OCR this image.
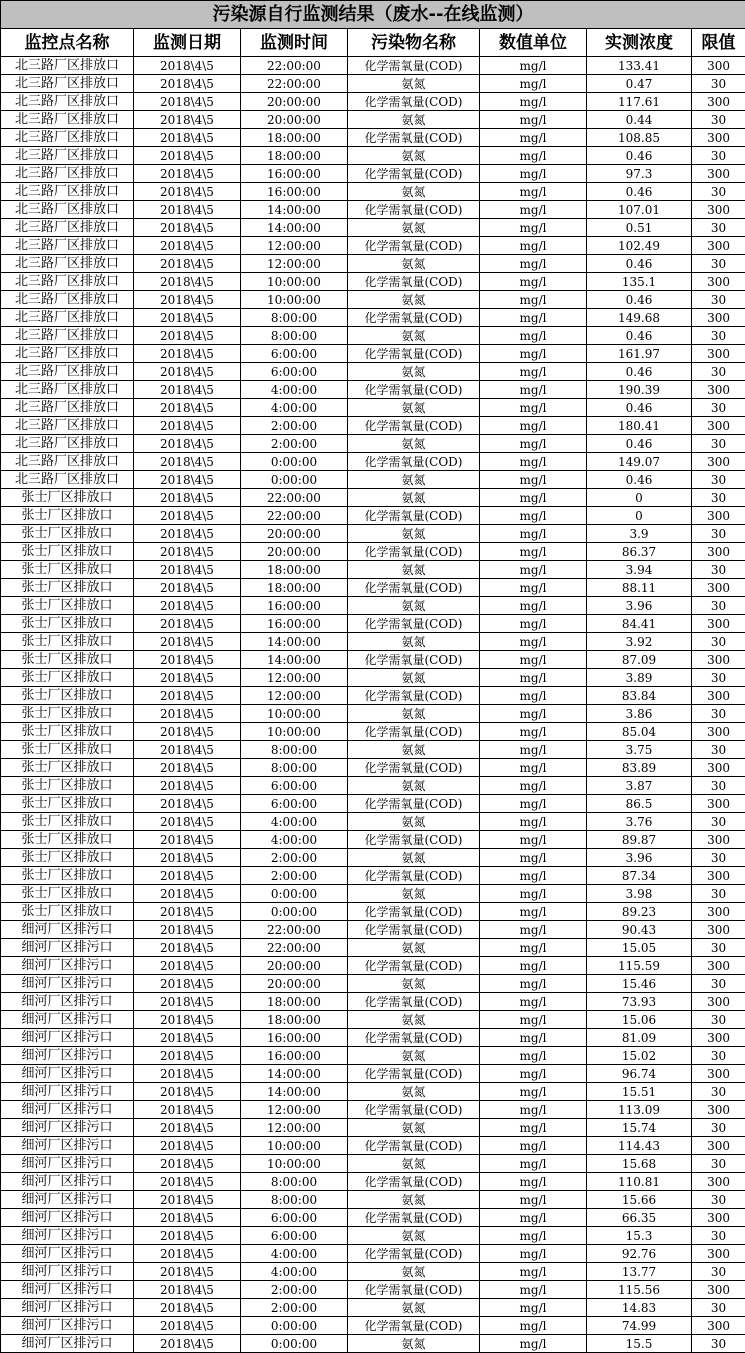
污染源自行监测结果（废水--在线监测）						
监控点名称	监测日期	监测时间	污染物名称	数值单位	实测浓度	限值
北三路厂区排放口	2018\4\5	22:00:00	化学需氧量(COD)	mg/l	133.41	300
北三路厂区排放口	2018\4\5	22:00:00	氨氮	mg/l	0.47	30
北三路厂区排放口	2018\4\5	20:00:00	化学需氧量(COD)	mg/l	117.61	300
北三路厂区排放口	2018\4\5	20:00:00	氨氮	mg/l	0.44	30
北三路厂区排放口	2018\4\5	18:00:00	化学需氧量(COD)	mg/l	108.85	300
北三路厂区排放口	2018\4\5	18:00:00	氨氮	mg/l	0.46	30
北三路厂区排放口	2018\4\5	16:00:00	化学需氧量(COD)	mg/l	97.3	300
北三路厂区排放口	2018\4\5	16:00:00	氨氮	mg/l	0.46	30
北三路厂区排放口	2018\4\5	14:00:00	化学需氧量(COD)	mg/l	107.01	300
北三路厂区排放口	2018\4\5	14:00:00	氨氮	mg/l	0.51	30
北三路厂区排放口	2018\4\5	12:00:00	化学需氧量(COD)	mg/l	102.49	300
北三路厂区排放口	2018\4\5	12:00:00	氨氮	mg/l	0.46	30
北三路厂区排放口	2018\4\5	10:00:00	化学需氧量(COD)	mg/l	135.1	300
北三路厂区排放口	2018\4\5	10:00:00	氨氮	mg/l	0.46	30
北三路厂区排放口	2018\4\5	8:00:00	化学需氧量(COD)	mg/l	149.68	300
北三路厂区排放口	2018\4\5	8:00:00	氨氮	mg/l	0.46	30
北三路厂区排放口	2018\4\5	6:00:00	化学需氧量(COD)	mg/l	161.97	300
北三路厂区排放口	2018\4\5	6:00:00	氨氮	mg/l	0.46	30
北三路厂区排放口	2018\4\5	4:00:00	化学需氧量(COD)	mg/l	190.39	300
北三路厂区排放口	2018\4\5	4:00:00	氨氮	mg/l	0.46	30
北三路厂区排放口	2018\4\5	2:00:00	化学需氧量(COD)	mg/l	180.41	300
北三路厂区排放口	2018\4\5	2:00:00	氨氮	mg/l	0.46	30
北三路厂区排放口	2018\4\5	0:00:00	化学需氧量(COD)	mg/l	149.07	300
北三路厂区排放口	2018\4\5	0:00:00	氨氮	mg/l	0.46	30
张士厂区排放口	2018\4\5	22:00:00	氨氮	mg/l	0	30
张士厂区排放口	2018\4\5	22:00:00	化学需氧量(COD)	mg/l	0	300
张士厂区排放口	2018\4\5	20:00:00	氨氮	mg/l	3.9	30
张士厂区排放口	2018\4\5	20:00:00	化学需氧量(COD)	mg/l	86.37	300
张士厂区排放口	2018\4\5	18:00:00	氨氮	mg/l	3.94	30
张士厂区排放口	2018\4\5	18:00:00	化学需氧量(COD)	mg/l	88.11	300
张士厂区排放口	2018\4\5	16:00:00	氨氮	mg/l	3.96	30
张士厂区排放口	2018\4\5	16:00:00	化学需氧量(COD)	mg/l	84.41	300
张士厂区排放口	2018\4\5	14:00:00	氨氮	mg/l	3.92	30
张士厂区排放口	2018\4\5	14:00:00	化学需氧量(COD)	mg/l	87.09	300
张士厂区排放口	2018\4\5	12:00:00	氨氮	mg/l	3.89	30
张士厂区排放口	2018\4\5	12:00:00	化学需氧量(COD)	mg/l	83.84	300
张士厂区排放口	2018\4\5	10:00:00	氨氮	mg/l	3.86	30
张士厂区排放口	2018\4\5	10:00:00	化学需氧量(COD)	mg/l	85.04	300
张士厂区排放口	2018\4\5	8:00:00	氨氮	mg/l	3.75	30
张士厂区排放口	2018\4\5	8:00:00	化学需氧量(COD)	mg/l	83.89	300
张士厂区排放口	2018\4\5	6:00:00	氨氮	mg/l	3.87	30
张士厂区排放口	2018\4\5	6:00:00	化学需氧量(COD)	mg/l	86.5	300
张士厂区排放口	2018\4\5	4:00:00	氨氮	mg/l	3.76	30
张士厂区排放口	2018\4\5	4:00:00	化学需氧量(COD)	mg/l	89.87	300
张士厂区排放口	2018\4\5	2:00:00	氨氮	mg/l	3.96	30
张士厂区排放口	2018\4\5	2:00:00	化学需氧量(COD)	mg/l	87.34	300
张士厂区排放口	2018\4\5	0:00:00	氨氮	mg/l	3.98	30
张士厂区排放口	2018\4\5	0:00:00	化学需氧量(COD)	mg/l	89.23	300
细河厂区排污口	2018\4\5	22:00:00	化学需氧量(COD)	mg/l	90.43	300
细河厂区排污口	2018\4\5	22:00:00	氨氮	mg/l	15.05	30
细河厂区排污口	2018\4\5	20:00:00	化学需氧量(COD)	mg/l	115.59	300
细河厂区排污口	2018\4\5	20:00:00	氨氮	mg/l	15.46	30
细河厂区排污口	2018\4\5	18:00:00	化学需氧量(COD)	mg/l	73.93	300
细河厂区排污口	2018\4\5	18:00:00	氨氮	mg/l	15.06	30
细河厂区排污口	2018\4\5	16:00:00	化学需氧量(COD)	mg/l	81.09	300
细河厂区排污口	2018\4\5	16:00:00	氨氮	mg/l	15.02	30
细河厂区排污口	2018\4\5	14:00:00	化学需氧量(COD)	mg/l	96.74	300
细河厂区排污口	2018\4\5	14:00:00	氨氮	mg/l	15.51	30
细河厂区排污口	2018\4\5	12:00:00	化学需氧量(COD)	mg/l	113.09	300
细河厂区排污口	2018\4\5	12:00:00	氨氮	mg/l	15.74	30
细河厂区排污口	2018\4\5	10:00:00	化学需氧量(COD)	mg/l	114.43	300
细河厂区排污口	2018\4\5	10:00:00	氨氮	mg/l	15.68	30
细河厂区排污口	2018\4\5	8:00:00	化学需氧量(COD)	mg/l	110.81	300
细河厂区排污口	2018\4\5	8:00:00	氨氮	mg/l	15.66	30
细河厂区排污口	2018\4\5	6:00:00	化学需氧量(COD)	mg/l	66.35	300
细河厂区排污口	2018\4\5	6:00:00	氨氮	mg/l	15.3	30
细河厂区排污口	2018\4\5	4:00:00	化学需氧量(COD)	mg/l	92.76	300
细河厂区排污口	2018\4\5	4:00:00	氨氮	mg/l	13.77	30
细河厂区排污口	2018\4\5	2:00:00	化学需氧量(COD)	mg/l	115.56	300
细河厂区排污口	2018\4\5	2:00:00	氨氮	mg/l	14.83	30
细河厂区排污口	2018\4\5	0:00:00	化学需氧量(COD)	mg/l	74.99	300
细河厂区排污口	2018\4\5	0:00:00	氨氮	mg/l	15.5	30
